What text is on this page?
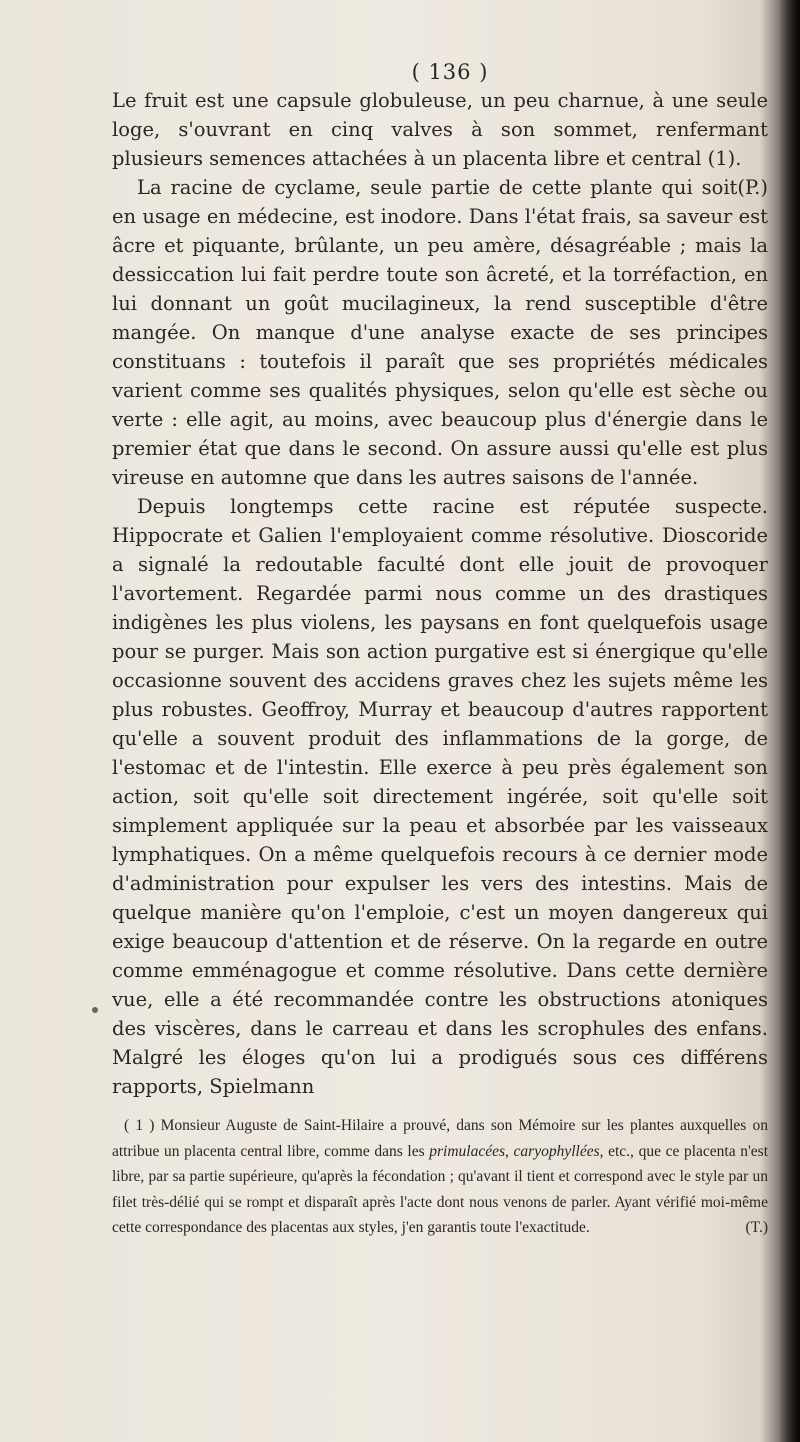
( 136 )

Le fruit est une capsule globuleuse, un peu charnue, à une seule loge, s'ouvrant en cinq valves à son sommet, renfermant plusieurs semences attachées à un placenta libre et central (1).
(P.)

La racine de cyclame, seule partie de cette plante qui soit en usage en médecine, est inodore. Dans l'état frais, sa saveur est âcre et piquante, brûlante, un peu amère, désagréable ; mais la dessiccation lui fait perdre toute son âcreté, et la torréfaction, en lui donnant un goût mucilagineux, la rend susceptible d'être mangée. On manque d'une analyse exacte de ses principes constituans : toutefois il paraît que ses propriétés médicales varient comme ses qualités physiques, selon qu'elle est sèche ou verte : elle agit, au moins, avec beaucoup plus d'énergie dans le premier état que dans le second. On assure aussi qu'elle est plus vireuse en automne que dans les autres saisons de l'année.

Depuis longtemps cette racine est réputée suspecte. Hippocrate et Galien l'employaient comme résolutive. Dioscoride a signalé la redoutable faculté dont elle jouit de provoquer l'avortement. Regardée parmi nous comme un des drastiques indigènes les plus violens, les paysans en font quelquefois usage pour se purger. Mais son action purgative est si énergique qu'elle occasionne souvent des accidens graves chez les sujets même les plus robustes. Geoffroy, Murray et beaucoup d'autres rapportent qu'elle a souvent produit des inflammations de la gorge, de l'estomac et de l'intestin. Elle exerce à peu près également son action, soit qu'elle soit directement ingérée, soit qu'elle soit simplement appliquée sur la peau et absorbée par les vaisseaux lymphatiques. On a même quelquefois recours à ce dernier mode d'administration pour expulser les vers des intestins. Mais de quelque manière qu'on l'emploie, c'est un moyen dangereux qui exige beaucoup d'attention et de réserve. On la regarde en outre comme emménagogue et comme résolutive. Dans cette dernière vue, elle a été recommandée contre les obstructions atoniques des viscères, dans le carreau et dans les scrophules des enfans. Malgré les éloges qu'on lui a prodigués sous ces différens rapports, Spielmann

( 1 ) Monsieur Auguste de Saint-Hilaire a prouvé, dans son Mémoire sur les plantes auxquelles on attribue un placenta central libre, comme dans les primulacées, caryophyllées, etc., que ce placenta n'est libre, par sa partie supérieure, qu'après la fécondation ; qu'avant il tient et correspond avec le style par un filet très-délié qui se rompt et disparaît après l'acte dont nous venons de parler. Ayant vérifié moi-même cette correspondance des placentas aux styles, j'en garantis toute l'exactitude.	(T.)
